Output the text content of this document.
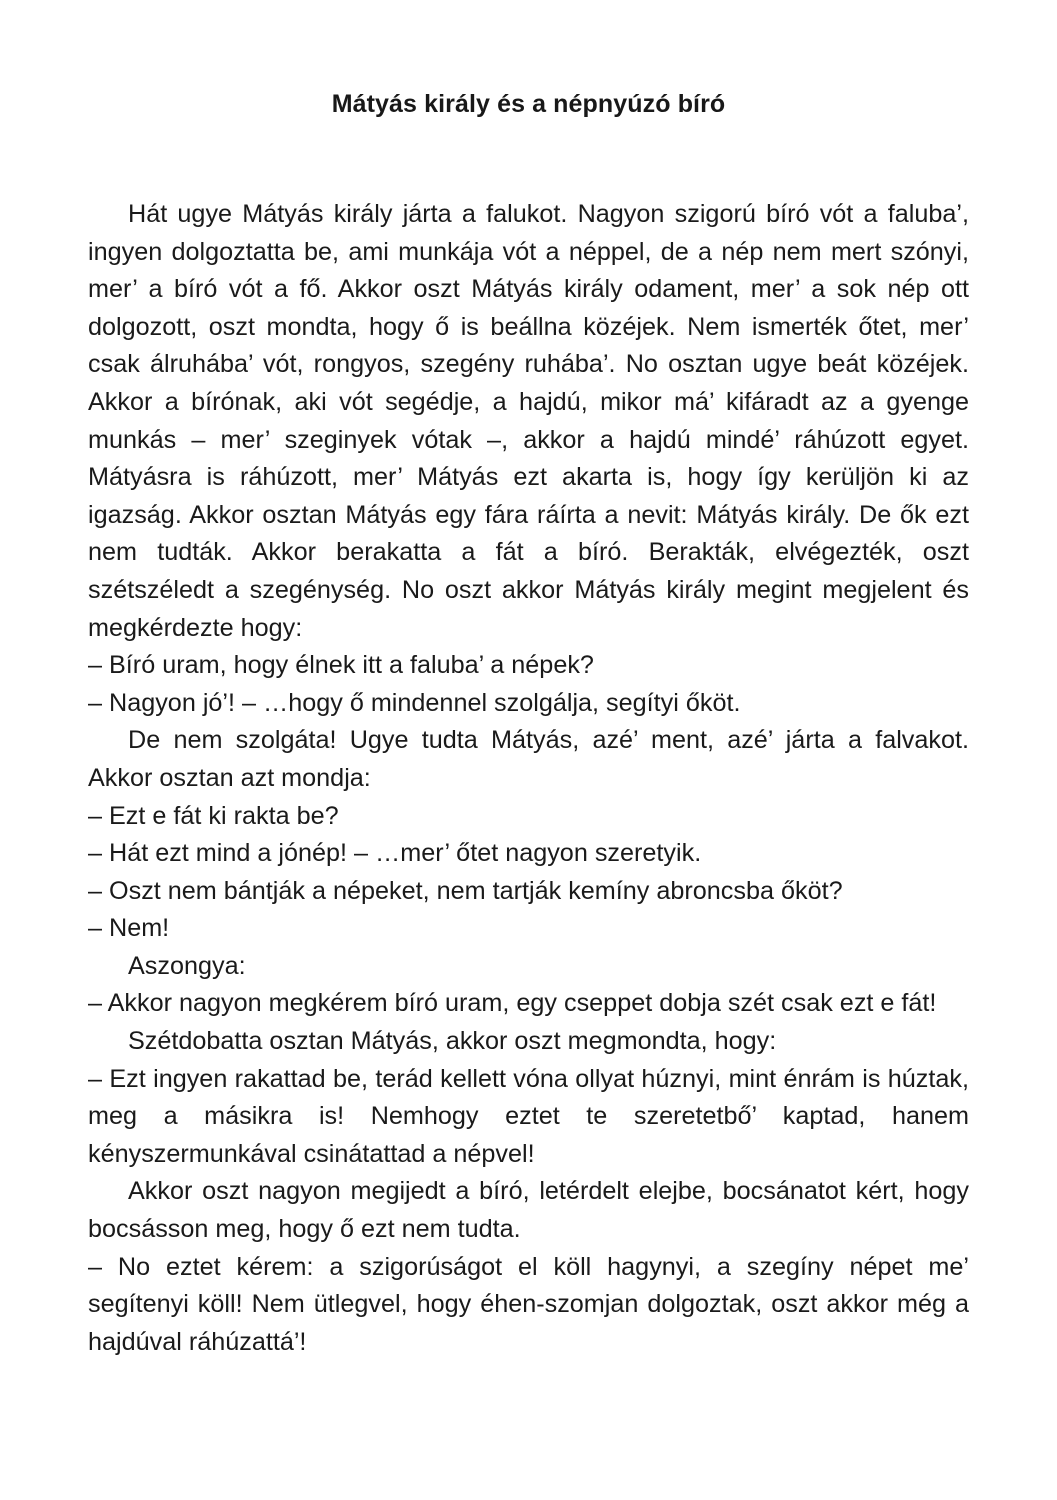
Mátyás király és a népnyúzó bíró

Hát ugye Mátyás király járta a falukot. Nagyon szigorú bíró vót a faluba’, ingyen dolgoztatta be, ami munkája vót a néppel, de a nép nem mert szónyi, mer’ a bíró vót a fő. Akkor oszt Mátyás király odament, mer’ a sok nép ott dolgozott, oszt mondta, hogy ő is beállna közéjek. Nem ismerték őtet, mer’ csak álruhába’ vót, rongyos, szegény ruhába’. No osztan ugye beát közéjek. Akkor a bírónak, aki vót segédje, a hajdú, mikor má’ kifáradt az a gyenge munkás – mer’ szeginyek vótak –, akkor a hajdú mindé’ ráhúzott egyet. Mátyásra is ráhúzott, mer’ Mátyás ezt akarta is, hogy így kerüljön ki az igazság. Akkor osztan Mátyás egy fára ráírta a nevit: Mátyás király. De ők ezt nem tudták. Akkor berakatta a fát a bíró. Berakták, elvégezték, oszt szétszéledt a szegénység. No oszt akkor Mátyás király megint megjelent és megkérdezte hogy:

– Bíró uram, hogy élnek itt a faluba’ a népek?

– Nagyon jó’! – …hogy ő mindennel szolgálja, segítyi őköt.

De nem szolgáta! Ugye tudta Mátyás, azé’ ment, azé’ járta a falvakot. Akkor osztan azt mondja:

– Ezt e fát ki rakta be?

– Hát ezt mind a jónép! – …mer’ őtet nagyon szeretyik.

– Oszt nem bántják a népeket, nem tartják kemíny abroncsba őköt?

– Nem!

Aszongya:

– Akkor nagyon megkérem bíró uram, egy cseppet dobja szét csak ezt e fát!

Szétdobatta osztan Mátyás, akkor oszt megmondta, hogy:

– Ezt ingyen rakattad be, terád kellett vóna ollyat húznyi, mint énrám is húztak, meg a másikra is! Nemhogy eztet te szeretetbő’ kaptad, hanem kényszermunkával csinátattad a népvel!

Akkor oszt nagyon megijedt a bíró, letérdelt elejbe, bocsánatot kért, hogy bocsásson meg, hogy ő ezt nem tudta.

– No eztet kérem: a szigorúságot el köll hagynyi, a szegíny népet me’ segítenyi köll! Nem ütlegvel, hogy éhen-szomjan dolgoztak, oszt akkor még a hajdúval ráhúzattá’!
